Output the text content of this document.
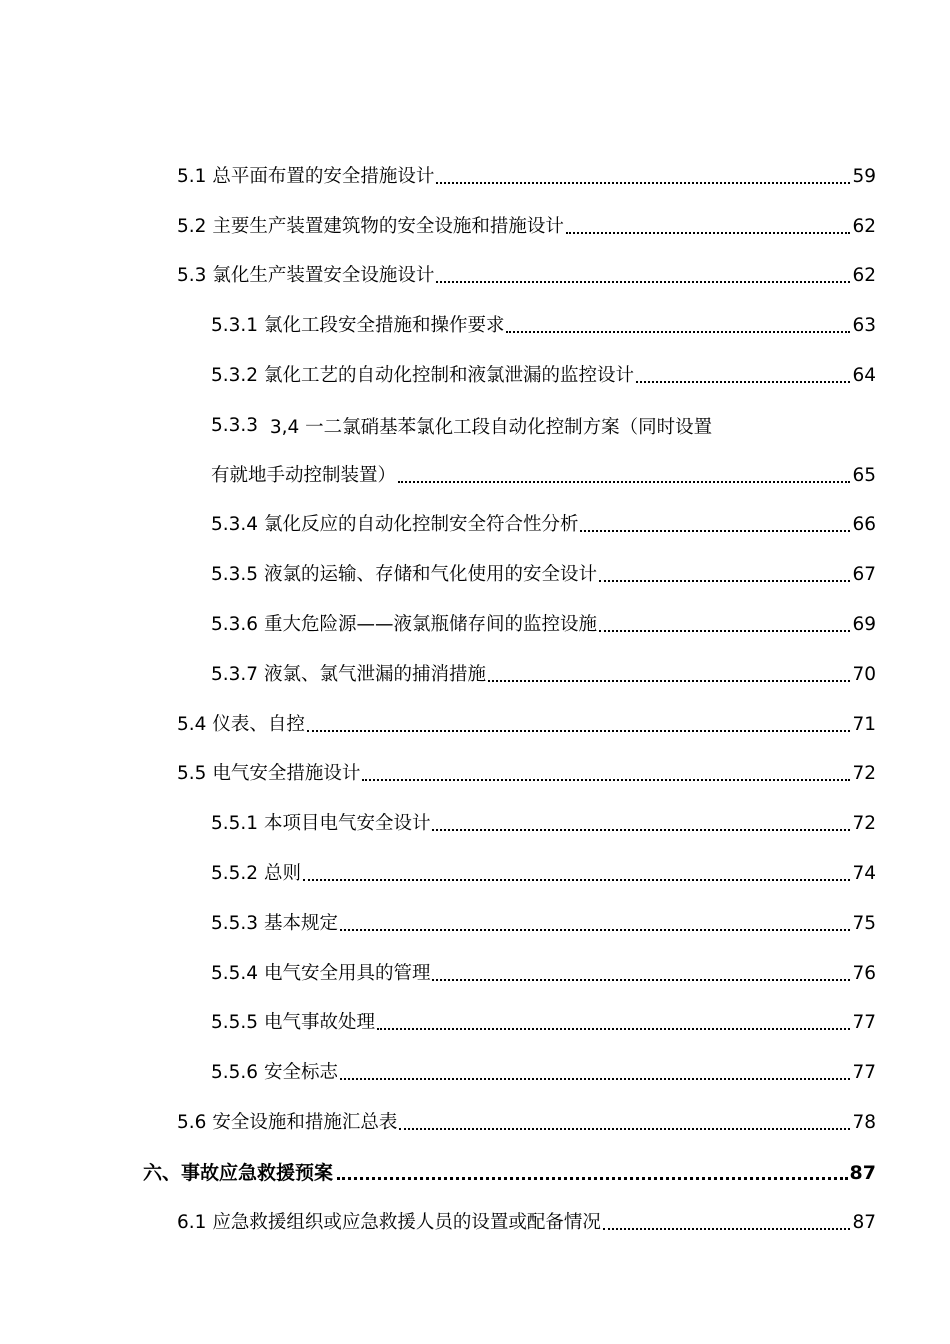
5.1 总平面布置的安全措施设计	59
5.2 主要生产装置建筑物的安全设施和措施设计	62
5.3 氯化生产装置安全设施设计	62
5.3.1 氯化工段安全措施和操作要求	63
5.3.2 氯化工艺的自动化控制和液氯泄漏的监控设计	64
5.3.3
3,4 一二氯硝基苯氯化工段自动化控制方案（同时设置
有就地手动控制装置）	65
5.3.4 氯化反应的自动化控制安全符合性分析	66
5.3.5 液氯的运输、存储和气化使用的安全设计	67
5.3.6 重大危险源——液氯瓶储存间的监控设施	69
5.3.7 液氯、氯气泄漏的捕消措施	70
5.4 仪表、自控	71
5.5 电气安全措施设计	72
5.5.1 本项目电气安全设计	72
5.5.2 总则	74
5.5.3 基本规定	75
5.5.4 电气安全用具的管理	76
5.5.5 电气事故处理	77
5.5.6 安全标志	77
5.6 安全设施和措施汇总表	78
六、事故应急救援预案	87
6.1 应急救援组织或应急救援人员的设置或配备情况	87
